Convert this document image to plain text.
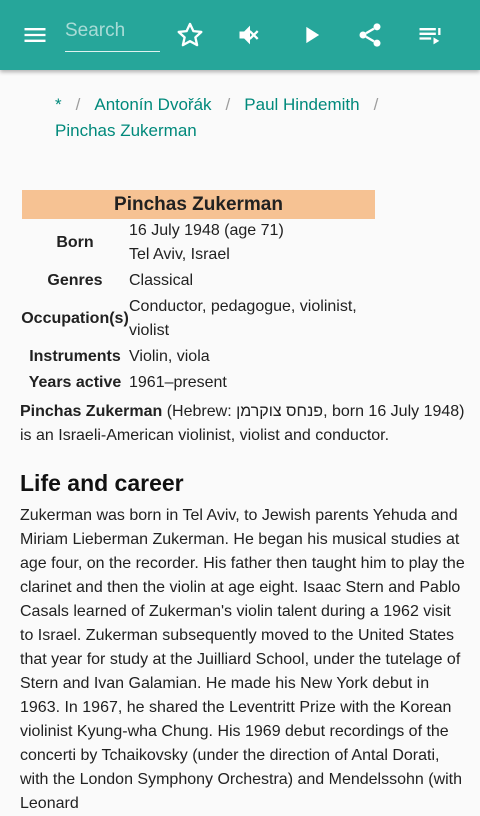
Search
* / Antonín Dvořák / Paul Hindemith /
Pinchas Zukerman
Pinchas Zukerman
Born
16 July 1948 (age 71)
Tel Aviv, Israel
Genres	Classical
Occupation(s)
Conductor, pedagogue, violinist,
violist
Instruments Violin, viola
Years active 1961–present
Pinchas Zukerman (Hebrew: פנחס צוקרמן, born 16 July 1948) is an Israeli-American violinist, violist and conductor.
Life and career
Zukerman was born in Tel Aviv, to Jewish parents Yehuda and Miriam Lieberman Zukerman. He began his musical studies at age four, on the recorder. His father then taught him to play the clarinet and then the violin at age eight. Isaac Stern and Pablo Casals learned of Zukerman's violin talent during a 1962 visit to Israel. Zukerman subsequently moved to the United States that year for study at the Juilliard School, under the tutelage of Stern and Ivan Galamian. He made his New York debut in 1963. In 1967, he shared the Leventritt Prize with the Korean violinist Kyung-wha Chung. His 1969 debut recordings of the concerti by Tchaikovsky (under the direction of Antal Dorati, with the London Symphony Orchestra) and Mendelssohn (with Leonard
